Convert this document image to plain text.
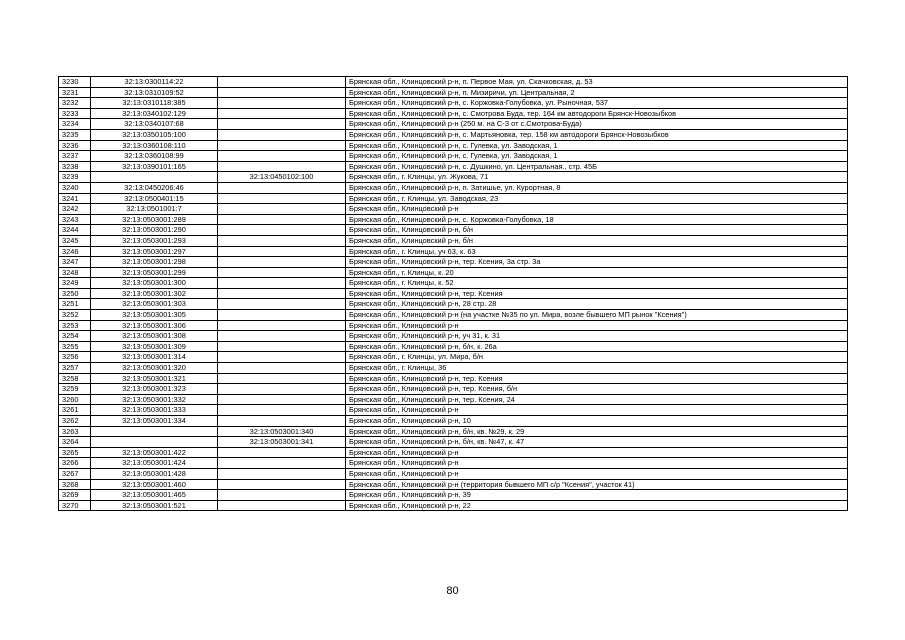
3230	32:13:0300114:22		Брянская обл., Клинцовский р-н, п. Первое Мая, ул. Скачковская, д. 53
3231	32:13:0310109:52		Брянская обл., Клинцовский р-н, п. Мизиричи, ул. Центральная, 2
3232	32:13:0310118:385		Брянская обл., Клинцовский р-н, с. Коржовка-Голубовка, ул. Рыночная, 537
3233	32:13:0340102:129		Брянская обл., Клинцовский р-н, с. Смотрова Буда, тер. 164 км автодороги Брянск-Новозыбков
3234	32:13:0340107:68		Брянская обл., Клинцовский р-н (250 м. на С-З от с.Смотрова-Буда)
3235	32:13:0350105:100		Брянская обл., Клинцовский р-н, с. Мартьяновка, тер. 158 км автодороги Брянск-Новозыбков
3236	32:13:0360108:110		Брянская обл., Клинцовский р-н, с. Гулевка, ул. Заводская, 1
3237	32:13:0360108:99		Брянская обл., Клинцовский р-н, с. Гулевка, ул. Заводская, 1
3238	32:13:0390101:165		Брянская обл., Клинцовский р-н, с. Душкино, ул. Центральная., стр. 45Б
3239		32:13:0450102:100	Брянская обл., г. Клинцы, ул. Жукова, 71
3240	32:13:0450206:46		Брянская обл., Клинцовский р-н, п. Затишье, ул. Курортная, 8
3241	32:13:0500401:15		Брянская обл., г. Клинцы, ул. Заводская, 23
3242	32:13:0501001:7		Брянская обл., Клинцовский р-н
3243	32:13:0503001:289		Брянская обл., Клинцовский р-н, с. Коржовка-Голубовка, 18
3244	32:13:0503001:290		Брянская обл., Клинцовский р-н, б/н
3245	32:13:0503001:293		Брянская обл., Клинцовский р-н, б/н
3246	32:13:0503001:297		Брянская обл., г. Клинцы, уч 63, к. 63
3247	32:13:0503001:298		Брянская обл., Клинцовский р-н, тер. Ксения, 3а стр. 3а
3248	32:13:0503001:299		Брянская обл., г. Клинцы, к. 20
3249	32:13:0503001:300		Брянская обл., г. Клинцы, к. 52
3250	32:13:0503001:302		Брянская обл., Клинцовский р-н, тер. Ксения
3251	32:13:0503001:303		Брянская обл., Клинцовский р-н, 28 стр. 28
3252	32:13:0503001:305		Брянская обл., Клинцовский р-н (на участке №35 по ул. Мира, возле бывшего МП рынок "Ксения")
3253	32:13:0503001:306		Брянская обл., Клинцовский р-н
3254	32:13:0503001:308		Брянская обл., Клинцовский р-н, уч 31, к. 31
3255	32:13:0503001:309		Брянская обл., Клинцовский р-н, б/н, к. 26а
3256	32:13:0503001:314		Брянская обл., г. Клинцы, ул. Мира, б/н
3257	32:13:0503001:320		Брянская обл., г. Клинцы, 36
3258	32:13:0503001:321		Брянская обл., Клинцовский р-н, тер. Ксения
3259	32:13:0503001:323		Брянская обл., Клинцовский р-н, тер. Ксения, б/н
3260	32:13:0503001:332		Брянская обл., Клинцовский р-н, тер. Ксения, 24
3261	32:13:0503001:333		Брянская обл., Клинцовский р-н
3262	32:13:0503001:334		Брянская обл., Клинцовский р-н, 10
3263		32:13:0503001:340	Брянская обл., Клинцовский р-н, б/н, кв. №29, к. 29
3264		32:13:0503001:341	Брянская обл., Клинцовский р-н, б/н, кв. №47, к. 47
3265	32:13:0503001:422		Брянская обл., Клинцовский р-н
3266	32:13:0503001:424		Брянская обл., Клинцовский р-н
3267	32:13:0503001:428		Брянская обл., Клинцовский р-н
3268	32:13:0503001:460		Брянская обл., Клинцовский р-н (территория бывшего МП с/р "Ксения", участок 41)
3269	32:13:0503001:465		Брянская обл., Клинцовский р-н, 39
3270	32:13:0503001:521		Брянская обл., Клинцовский р-н, 22
80
